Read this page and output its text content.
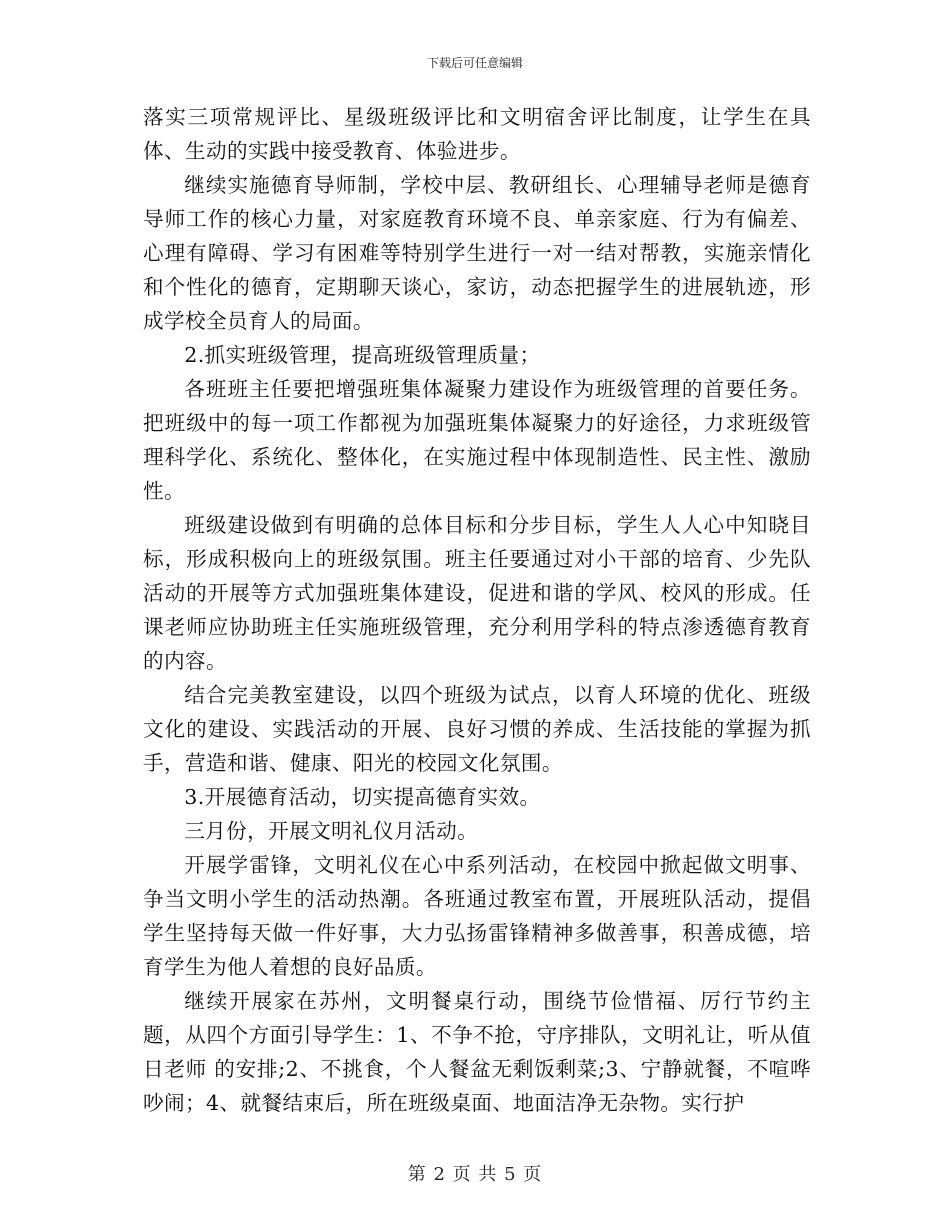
下载后可任意编辑

落实三项常规评比、星级班级评比和文明宿舍评比制度，让学生在具体、生动的实践中接受教育、体验进步。

继续实施德育导师制，学校中层、教研组长、心理辅导老师是德育导师工作的核心力量，对家庭教育环境不良、单亲家庭、行为有偏差、心理有障碍、学习有困难等特别学生进行一对一结对帮教，实施亲情化和个性化的德育，定期聊天谈心，家访，动态把握学生的进展轨迹，形成学校全员育人的局面。

2.抓实班级管理，提高班级管理质量；

各班班主任要把增强班集体凝聚力建设作为班级管理的首要任务。把班级中的每一项工作都视为加强班集体凝聚力的好途径，力求班级管理科学化、系统化、整体化，在实施过程中体现制造性、民主性、激励性。

班级建设做到有明确的总体目标和分步目标，学生人人心中知晓目标，形成积极向上的班级氛围。班主任要通过对小干部的培育、少先队活动的开展等方式加强班集体建设，促进和谐的学风、校风的形成。任课老师应协助班主任实施班级管理，充分利用学科的特点渗透德育教育的内容。

结合完美教室建设，以四个班级为试点，以育人环境的优化、班级文化的建设、实践活动的开展、良好习惯的养成、生活技能的掌握为抓手，营造和谐、健康、阳光的校园文化氛围。

3.开展德育活动，切实提高德育实效。

三月份，开展文明礼仪月活动。

开展学雷锋，文明礼仪在心中系列活动，在校园中掀起做文明事、争当文明小学生的活动热潮。各班通过教室布置，开展班队活动，提倡学生坚持每天做一件好事，大力弘扬雷锋精神多做善事，积善成德，培育学生为他人着想的良好品质。

继续开展家在苏州，文明餐桌行动，围绕节俭惜福、厉行节约主题，从四个方面引导学生：1、不争不抢，守序排队，文明礼让，听从值日老师 的安排;2、不挑食，个人餐盆无剩饭剩菜;3、宁静就餐，不喧哗吵闹；4、就餐结束后，所在班级桌面、地面洁净无杂物。实行护

第 2 页 共 5 页
